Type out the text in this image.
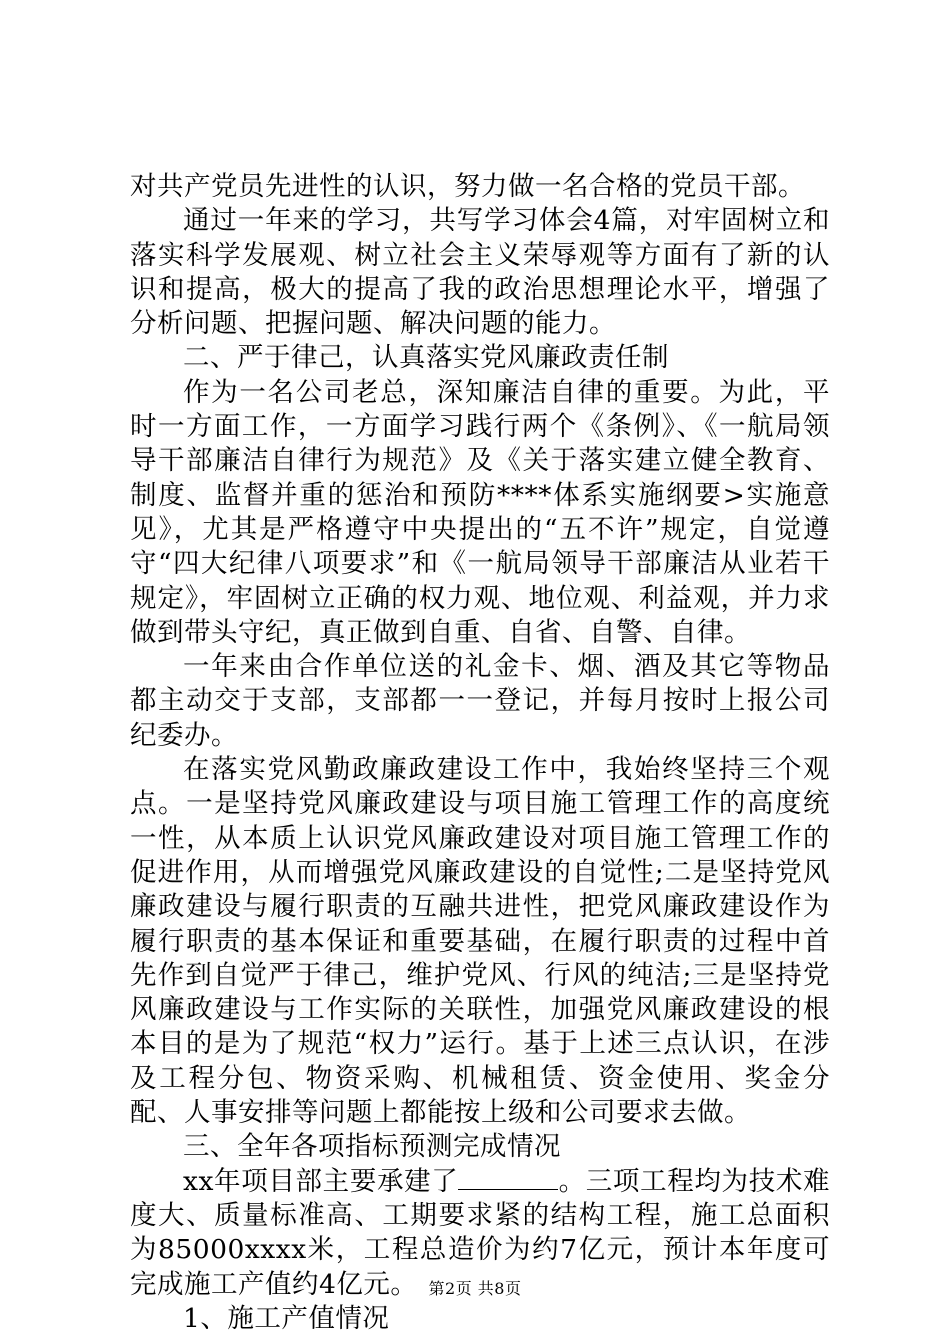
对共产党员先进性的认识，努力做一名合格的党员干部。

通过一年来的学习，共写学习体会4篇，对牢固树立和落实科学发展观、树立社会主义荣辱观等方面有了新的认识和提高，极大的提高了我的政治思想理论水平，增强了分析问题、把握问题、解决问题的能力。

二、严于律己，认真落实党风廉政责任制

作为一名公司老总，深知廉洁自律的重要。为此，平时一方面工作，一方面学习践行两个《条例》、《一航局领导干部廉洁自律行为规范》及《关于落实建立健全教育、制度、监督并重的惩治和预防****体系实施纲要>实施意见》，尤其是严格遵守中央提出的“五不许”规定，自觉遵守“四大纪律八项要求”和《一航局领导干部廉洁从业若干规定》，牢固树立正确的权力观、地位观、利益观，并力求做到带头守纪，真正做到自重、自省、自警、自律。

一年来由合作单位送的礼金卡、烟、酒及其它等物品都主动交于支部，支部都一一登记，并每月按时上报公司纪委办。

在落实党风勤政廉政建设工作中，我始终坚持三个观点。一是坚持党风廉政建设与项目施工管理工作的高度统一性，从本质上认识党风廉政建设对项目施工管理工作的促进作用，从而增强党风廉政建设的自觉性;二是坚持党风廉政建设与履行职责的互融共进性，把党风廉政建设作为履行职责的基本保证和重要基础，在履行职责的过程中首先作到自觉严于律己，维护党风、行风的纯洁;三是坚持党风廉政建设与工作实际的关联性，加强党风廉政建设的根本目的是为了规范“权力”运行。基于上述三点认识，在涉及工程分包、物资采购、机械租赁、资金使用、奖金分配、人事安排等问题上都能按上级和公司要求去做。

三、全年各项指标预测完成情况

xx年项目部主要承建了	。三项工程均为技术难度大、质量标准高、工期要求紧的结构工程，施工总面积为85000xxxx米，工程总造价为约7亿元，预计本年度可完成施工产值约4亿元。

1、施工产值情况

第2页 共8页
